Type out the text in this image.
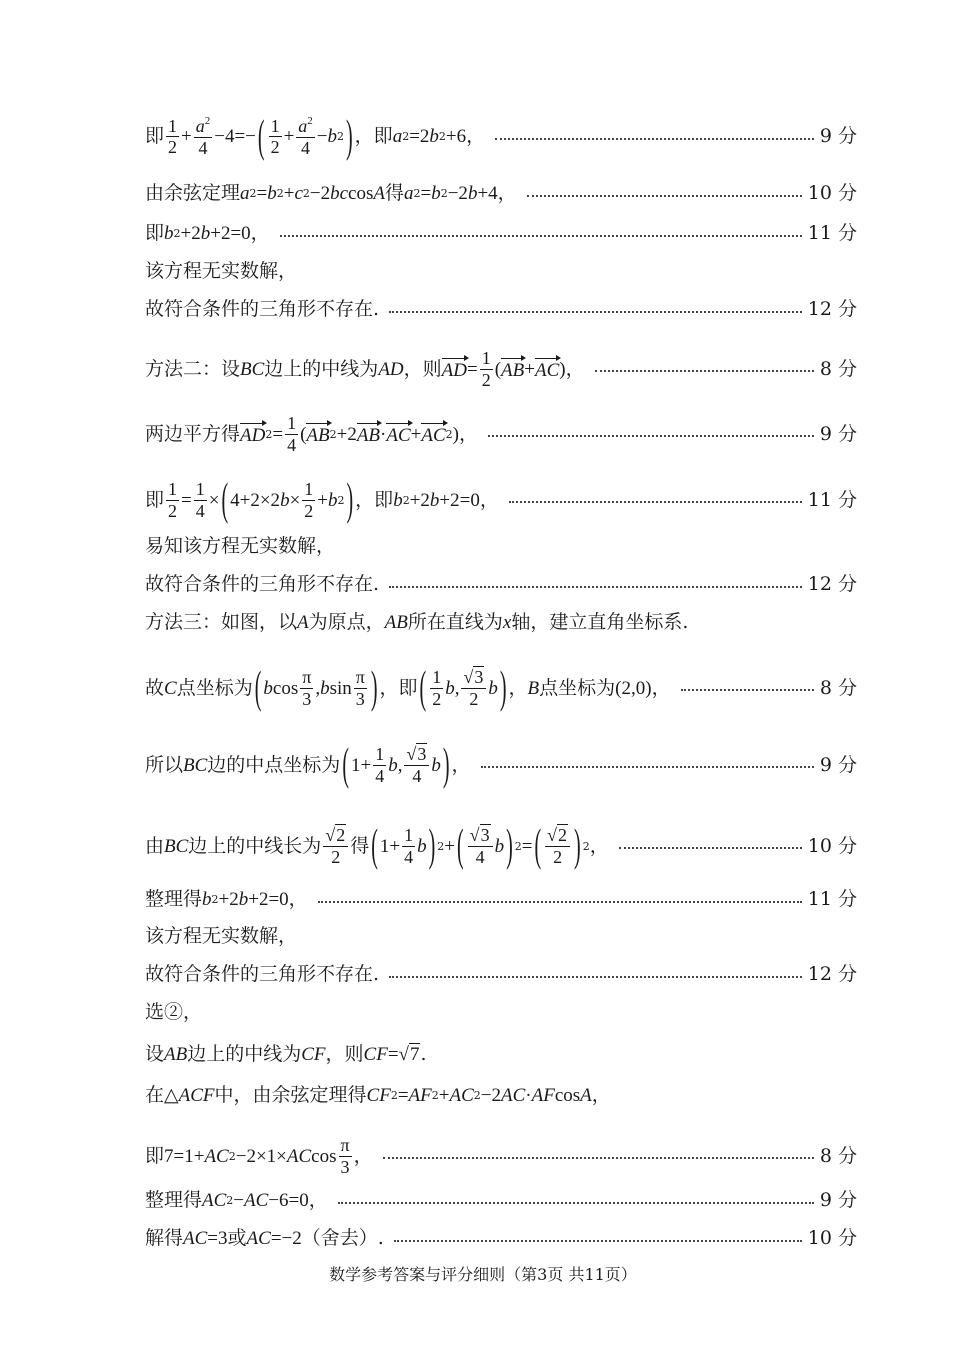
即 $\frac{1}{2} + \frac{a^2}{4} -4=-$ ( $\frac{1}{2} + \frac{a^2}{4} - b$ 2 ) ，即 a 2 =2 b 2 +6 ，	9 分
由余弦定理 a 2 = b 2 + c 2 −2 bc cos A 得 a 2 = b 2 −2 b +4 ，	10 分
即 b 2 +2 b +2=0 ，	11 分
该方程无实数解，
故符合条件的三角形不存在.	12 分
方法二：设 BC 边上的中线为 AD ，则 AD = $\frac{1}{2}$ ( AB + AC ) ，	8 分
两边平方得 AD $2 = \frac{1}{4}$ ( AB 2 +2 AB · AC + AC 2 ) ，	9 分
即 $\frac{1}{2} = \frac{1}{4}$ × ( 4+2×2 $b \times \frac{1}{2} + b$ 2 ) ，即 b 2 +2 b +2=0 ，	11 分
易知该方程无实数解，
故符合条件的三角形不存在.	12 分
方法三：如图，以 A 为原点， AB 所在直线为 x 轴，建立直角坐标系.
故 C 点坐标为 ( b $\cos \frac{\pi}{3}$ , b $\sin \frac{\pi}{3}$ ) ，即 ( $\frac{1}{2}$ b , $\frac{√3}{2}$ b ) ， B 点坐标为 (2,0) ，	8 分
所以 BC 边的中点坐标为 ( $1+ \frac{1}{4}$ b , $\frac{√3}{4}$ b ) ，	9 分
由 BC 边上的中线长为 $\frac{√2}{2}$ 得 ( $1+ \frac{1}{4}$ b ) 2 + ( $\frac{√3}{4}$ b ) 2 = ( $\frac{√2}{2}$ ) 2 ，	10 分
整理得 b 2 +2 b +2=0 ，	11 分
该方程无实数解，
故符合条件的三角形不存在.	12 分
选②，
设 AB 边上的中线为 CF ，则 CF = √7 .
在 △ ACF 中，由余弦定理得 CF 2 = AF 2 + AC 2 −2 AC · AF cos A ，
即 7=1+ AC 2 −2×1× AC $\cos \frac{\pi}{3}$ ，	8 分
整理得 AC 2 − AC −6=0 ，	9 分
解得 AC =3 或 AC =−2 （舍去）.	10 分
数学参考答案与评分细则（第3页 共11页）
